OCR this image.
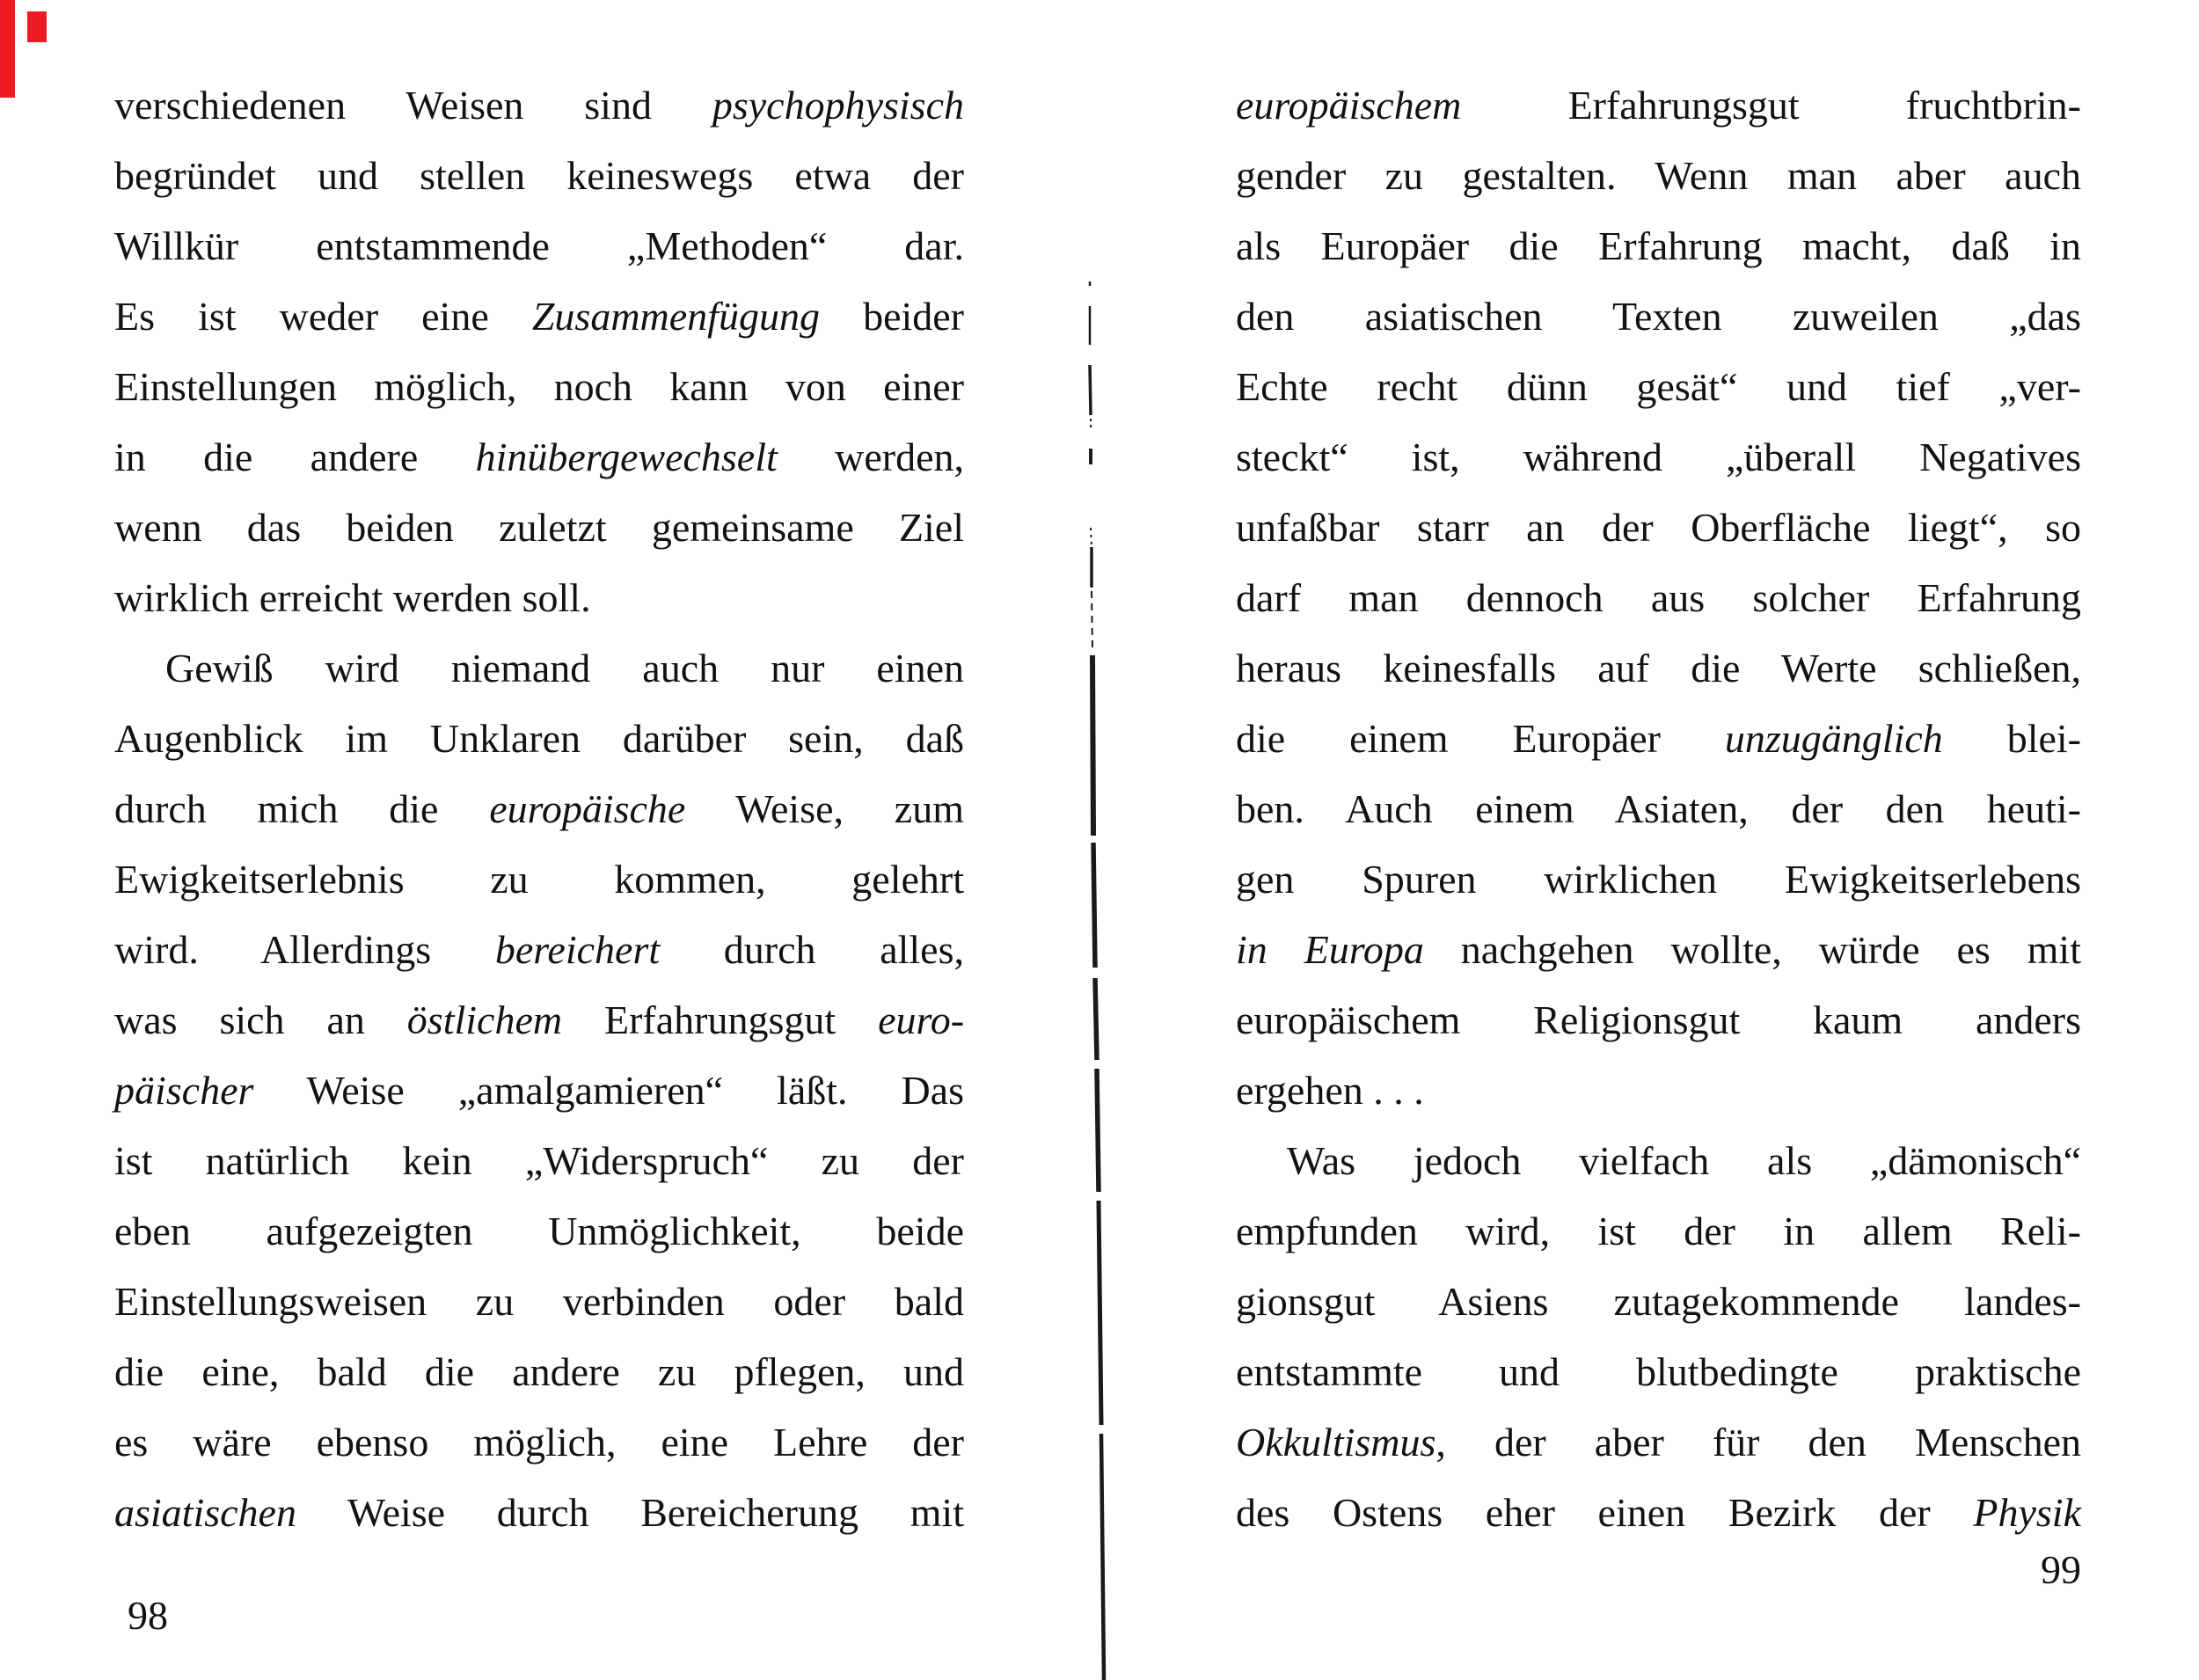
verschiedenen Weisen sind psychophysisch
begründet und stellen keineswegs etwa der
Willkür entstammende „Methoden“ dar.
Es ist weder eine Zusammenfügung beider
Einstellungen möglich, noch kann von einer
in die andere hinübergewechselt werden,
wenn das beiden zuletzt gemeinsame Ziel
wirklich erreicht werden soll.
Gewiß wird niemand auch nur einen
Augenblick im Unklaren darüber sein, daß
durch mich die europäische Weise, zum
Ewigkeitserlebnis zu kommen, gelehrt
wird. Allerdings bereichert durch alles,
was sich an östlichem Erfahrungsgut euro-
päischer Weise „amalgamieren“ läßt. Das
ist natürlich kein „Widerspruch“ zu der
eben aufgezeigten Unmöglichkeit, beide
Einstellungsweisen zu verbinden oder bald
die eine, bald die andere zu pflegen, und
es wäre ebenso möglich, eine Lehre der
asiatischen Weise durch Bereicherung mit
europäischem Erfahrungsgut fruchtbrin-
gender zu gestalten. Wenn man aber auch
als Europäer die Erfahrung macht, daß in
den asiatischen Texten zuweilen „das
Echte recht dünn gesät“ und tief „ver-
steckt“ ist, während „überall Negatives
unfaßbar starr an der Oberfläche liegt“, so
darf man dennoch aus solcher Erfahrung
heraus keinesfalls auf die Werte schließen,
die einem Europäer unzugänglich blei-
ben. Auch einem Asiaten, der den heuti-
gen Spuren wirklichen Ewigkeitserlebens
in Europa nachgehen wollte, würde es mit
europäischem Religionsgut kaum anders
ergehen . . .
Was jedoch vielfach als „dämonisch“
empfunden wird, ist der in allem Reli-
gionsgut Asiens zutagekommende landes-
entstammte und blutbedingte praktische
Okkultismus, der aber für den Menschen
des Ostens eher einen Bezirk der Physik
98
99
